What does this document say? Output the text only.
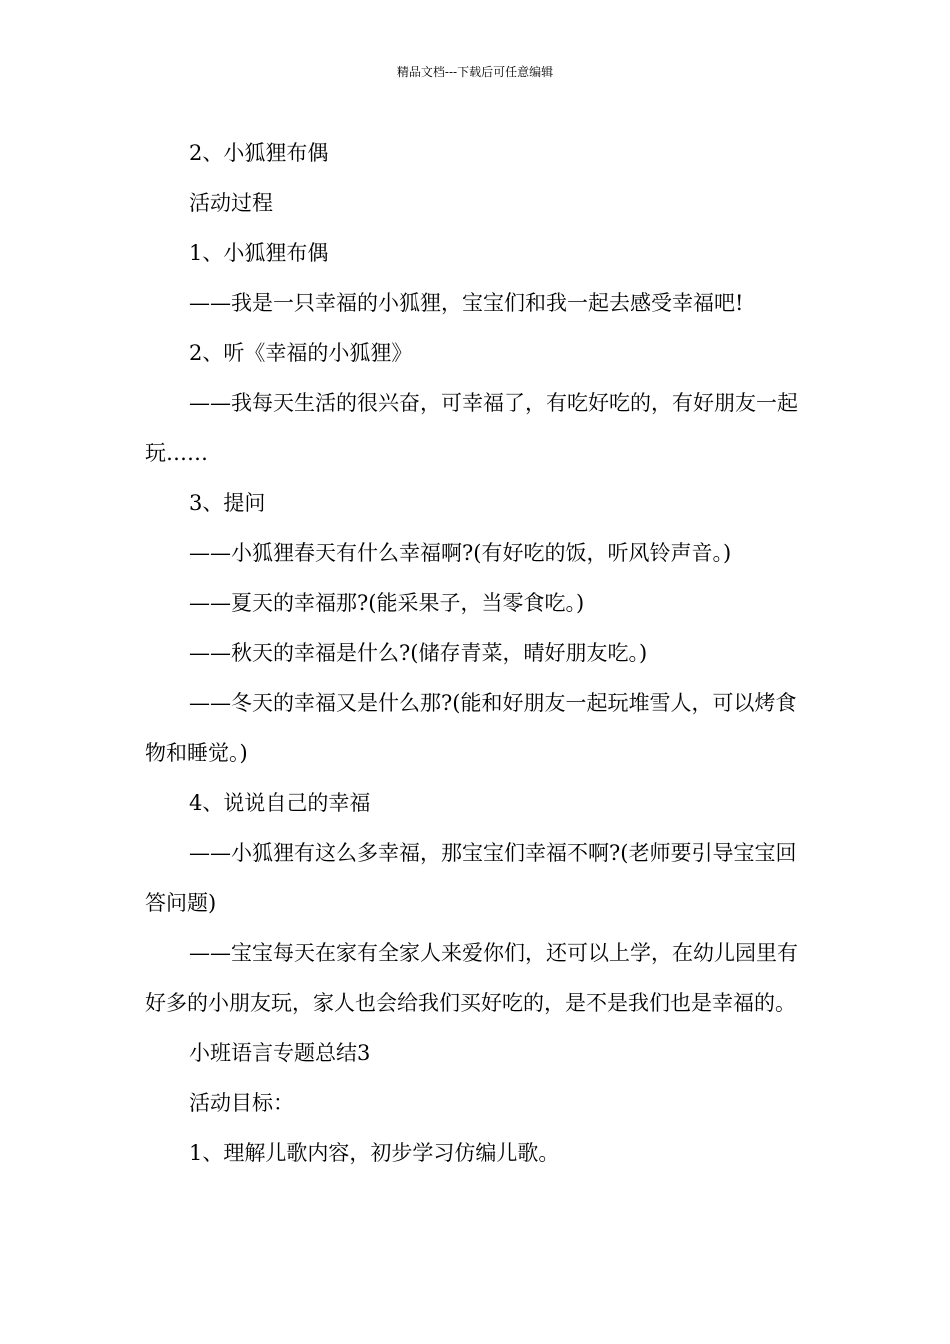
精品文档---下载后可任意编辑

2、小狐狸布偶

活动过程

1、小狐狸布偶

——我是一只幸福的小狐狸，宝宝们和我一起去感受幸福吧!

2、听《幸福的小狐狸》

——我每天生活的很兴奋，可幸福了，有吃好吃的，有好朋友一起玩……

3、提问

——小狐狸春天有什么幸福啊?(有好吃的饭，听风铃声音。)

——夏天的幸福那?(能采果子，当零食吃。)

——秋天的幸福是什么?(储存青菜，晴好朋友吃。)

——冬天的幸福又是什么那?(能和好朋友一起玩堆雪人，可以烤食物和睡觉。)

4、说说自己的幸福

——小狐狸有这么多幸福，那宝宝们幸福不啊?(老师要引导宝宝回答问题)

——宝宝每天在家有全家人来爱你们，还可以上学，在幼儿园里有好多的小朋友玩，家人也会给我们买好吃的，是不是我们也是幸福的。

小班语言专题总结3

活动目标：

1、理解儿歌内容，初步学习仿编儿歌。
